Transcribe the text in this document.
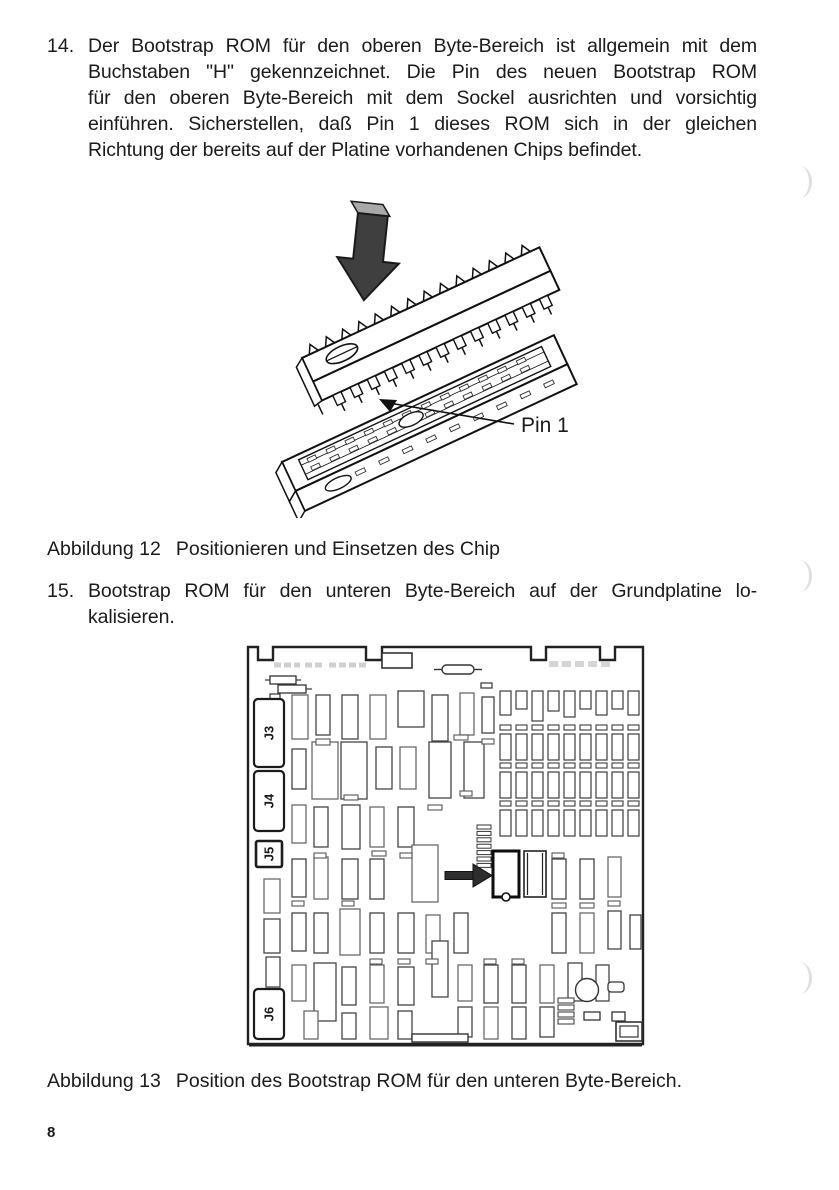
14. Der Bootstrap ROM für den oberen Byte-Bereich ist allgemein mit dem
Buchstaben "H" gekennzeichnet. Die Pin des neuen Bootstrap ROM
für den oberen Byte-Bereich mit dem Sockel ausrichten und vorsichtig
einführen. Sicherstellen, daß Pin 1 dieses ROM sich in der gleichen
Richtung der bereits auf der Platine vorhandenen Chips befindet.
Pin 1
Abbildung 12 Positionieren und Einsetzen des Chip
15. Bootstrap ROM für den unteren Byte-Bereich auf der Grundplatine lo-
kalisieren.
J3
J4
J5
J6
Abbildung 13 Position des Bootstrap ROM für den unteren Byte-Bereich.
8
